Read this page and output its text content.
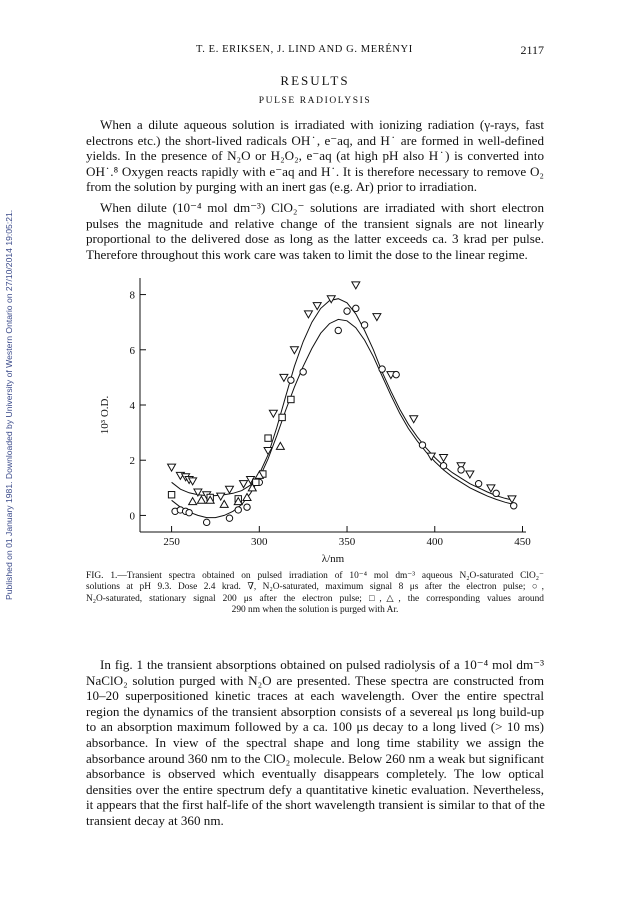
Published on 01 January 1981. Downloaded by University of Western Ontario on 27/10/2014 19:05:21.
T. E. ERIKSEN, J. LIND AND G. MERÉNYI	2117
RESULTS
PULSE RADIOLYSIS

When a dilute aqueous solution is irradiated with ionizing radiation (γ-rays, fast
electrons etc.) the short-lived radicals OH˙, e⁻aq, and H˙ are formed in well-defined
yields. In the presence of N₂O or H₂O₂, e⁻aq (at high pH also H˙) is converted into
OH˙.⁸ Oxygen reacts rapidly with e⁻aq and H˙. It is therefore necessary to remove O₂
from the solution by purging with an inert gas (e.g. Ar) prior to irradiation.

When dilute (10⁻⁴ mol dm⁻³) ClO₂⁻ solutions are irradiated with short electron
pulses the magnitude and relative change of the transient signals are not linearly
proportional to the delivered dose as long as the latter exceeds ca. 3 krad per pulse.
Therefore throughout this work care was taken to limit the dose to the linear regime.

0
2
4
6
8
250	300	350	400	450
λ/nm
10³ O.D.
FIG. 1.—Transient spectra obtained on pulsed irradiation of 10⁻⁴ mol dm⁻³ aqueous N₂O-saturated ClO₂⁻
solutions at pH 9.3. Dose 2.4 krad. ∇, N₂O-saturated, maximum signal 8 μs after the electron pulse; ○,
N₂O-saturated, stationary signal 200 μs after the electron pulse; □,△, the corresponding values around
290 nm when the solution is purged with Ar.

In fig. 1 the transient absorptions obtained on pulsed radiolysis of a 10⁻⁴ mol dm⁻³
NaClO₂ solution purged with N₂O are presented. These spectra are constructed from
10–20 superpositioned kinetic traces at each wavelength. Over the entire spectral
region the dynamics of the transient absorption consists of a severeal μs long build-up
to an absorption maximum followed by a ca. 100 μs decay to a long lived (> 10 ms)
absorbance. In view of the spectral shape and long time stability we assign the
absorbance around 360 nm to the ClO₂ molecule. Below 260 nm a weak but significant
absorbance is observed which eventually disappears completely. The low optical
densities over the entire spectrum defy a quantitative kinetic evaluation. Nevertheless,
it appears that the first half-life of the short wavelength transient is similar to that of the
transient decay at 360 nm.
